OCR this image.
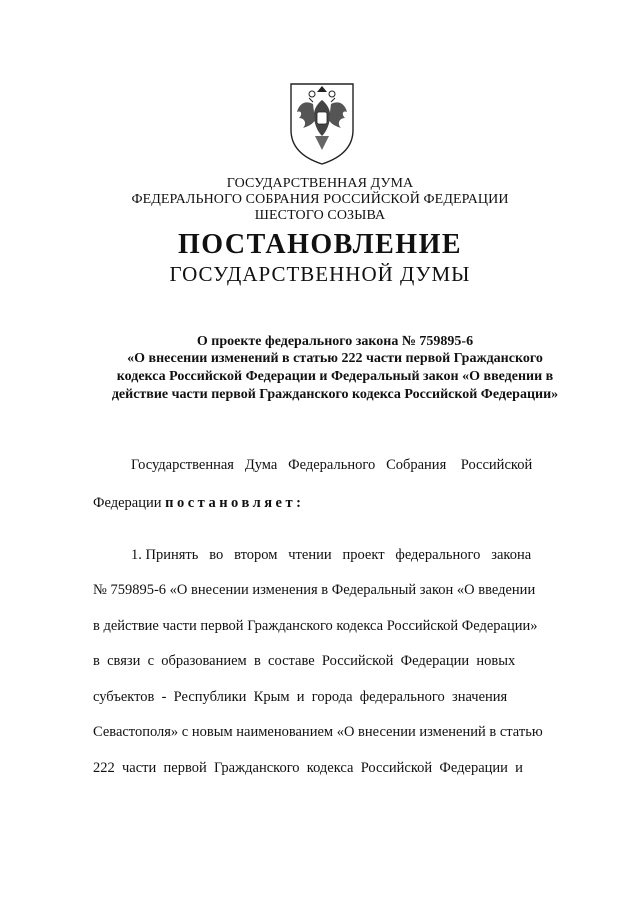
ГОСУДАРСТВЕННАЯ ДУМА
ФЕДЕРАЛЬНОГО СОБРАНИЯ РОССИЙСКОЙ ФЕДЕРАЦИИ
ШЕСТОГО СОЗЫВА
ПОСТАНОВЛЕНИЕ
ГОСУДАРСТВЕННОЙ ДУМЫ
О проекте федерального закона № 759895-6
«О внесении изменений в статью 222 части первой Гражданского
кодекса Российской Федерации и Федеральный закон «О введении в
действие части первой Гражданского кодекса Российской Федерации»
Государственная   Дума   Федерального   Собрания    Российской
Федерации постановляет:
1. Принять   во   втором   чтении   проект   федерального   закона
№ 759895-6 «О внесении изменения в Федеральный закон «О введении
в действие части первой Гражданского кодекса Российской Федерации»
в  связи  с  образованием  в  составе  Российской  Федерации  новых
субъектов  -  Республики  Крым  и  города  федерального  значения
Севастополя» с новым наименованием «О внесении изменений в статью
222  части  первой  Гражданского  кодекса  Российской  Федерации  и
